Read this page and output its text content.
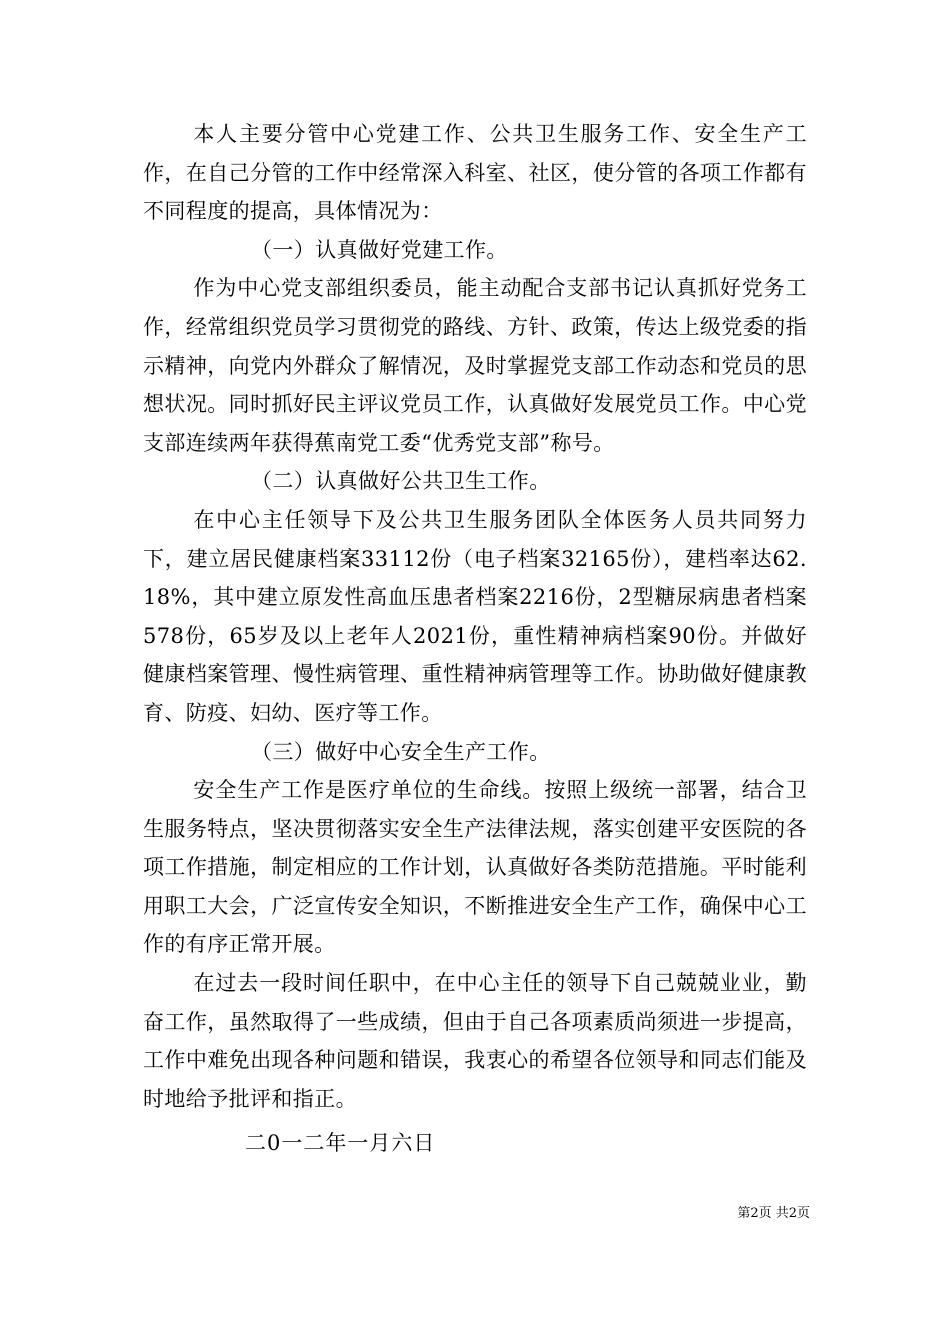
本人主要分管中心党建工作、公共卫生服务工作、安全生产工作，在自己分管的工作中经常深入科室、社区，使分管的各项工作都有不同程度的提高，具体情况为：

（一）认真做好党建工作。

作为中心党支部组织委员，能主动配合支部书记认真抓好党务工作，经常组织党员学习贯彻党的路线、方针、政策，传达上级党委的指示精神，向党内外群众了解情况，及时掌握党支部工作动态和党员的思想状况。同时抓好民主评议党员工作，认真做好发展党员工作。中心党支部连续两年获得蕉南党工委“优秀党支部”称号。

（二）认真做好公共卫生工作。

在中心主任领导下及公共卫生服务团队全体医务人员共同努力下，建立居民健康档案33112份（电子档案32165份），建档率达62.18%，其中建立原发性高血压患者档案2216份，2型糖尿病患者档案578份，65岁及以上老年人2021份，重性精神病档案90份。并做好健康档案管理、慢性病管理、重性精神病管理等工作。协助做好健康教育、防疫、妇幼、医疗等工作。

（三）做好中心安全生产工作。

安全生产工作是医疗单位的生命线。按照上级统一部署，结合卫生服务特点，坚决贯彻落实安全生产法律法规，落实创建平安医院的各项工作措施，制定相应的工作计划，认真做好各类防范措施。平时能利用职工大会，广泛宣传安全知识，不断推进安全生产工作，确保中心工作的有序正常开展。

在过去一段时间任职中，在中心主任的领导下自己兢兢业业，勤奋工作，虽然取得了一些成绩，但由于自己各项素质尚须进一步提高，工作中难免出现各种问题和错误，我衷心的希望各位领导和同志们能及时地给予批评和指正。

二0一二年一月六日

第2页 共2页
